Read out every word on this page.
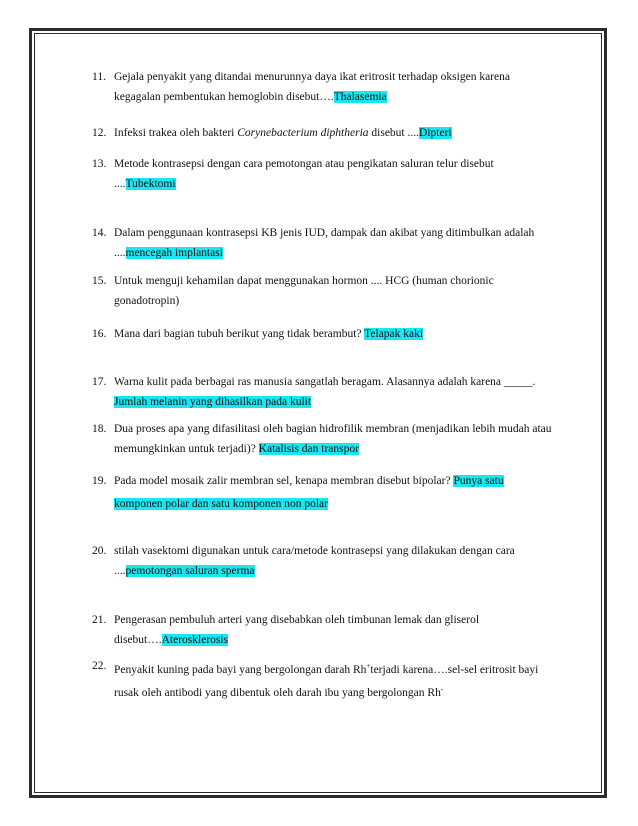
11. Gejala penyakit yang ditandai menurunnya daya ikat eritrosit terhadap oksigen karena kegagalan pembentukan hemoglobin disebut….Thalasemia
12. Infeksi trakea oleh bakteri Corynebacterium diphtheria disebut ....Dipteri
13. Metode kontrasepsi dengan cara pemotongan atau pengikatan saluran telur disebut ....Tubektomi
14. Dalam penggunaan kontrasepsi KB jenis IUD, dampak dan akibat yang ditimbulkan adalah ....mencegah implantasi
15. Untuk menguji kehamilan dapat menggunakan hormon .... HCG (human chorionic gonadotropin)
16. Mana dari bagian tubuh berikut yang tidak berambut? Telapak kaki
17. Warna kulit pada berbagai ras manusia sangatlah beragam. Alasannya adalah karena _____. Jumlah melanin yang dihasilkan pada kulit
18. Dua proses apa yang difasilitasi oleh bagian hidrofilik membran (menjadikan lebih mudah atau memungkinkan untuk terjadi)? Katalisis dan transpor
19. Pada model mosaik zalir membran sel, kenapa membran disebut bipolar? Punya satu komponen polar dan satu komponen non polar
20. stilah vasektomi digunakan untuk cara/metode kontrasepsi yang dilakukan dengan cara ....pemotongan saluran sperma
21. Pengerasan pembuluh arteri yang disebabkan oleh timbunan lemak dan gliserol disebut….Aterosklerosis
22. Penyakit kuning pada bayi yang bergolongan darah Rh+terjadi karena….sel-sel eritrosit bayi rusak oleh antibodi yang dibentuk oleh darah ibu yang bergolongan Rh-
